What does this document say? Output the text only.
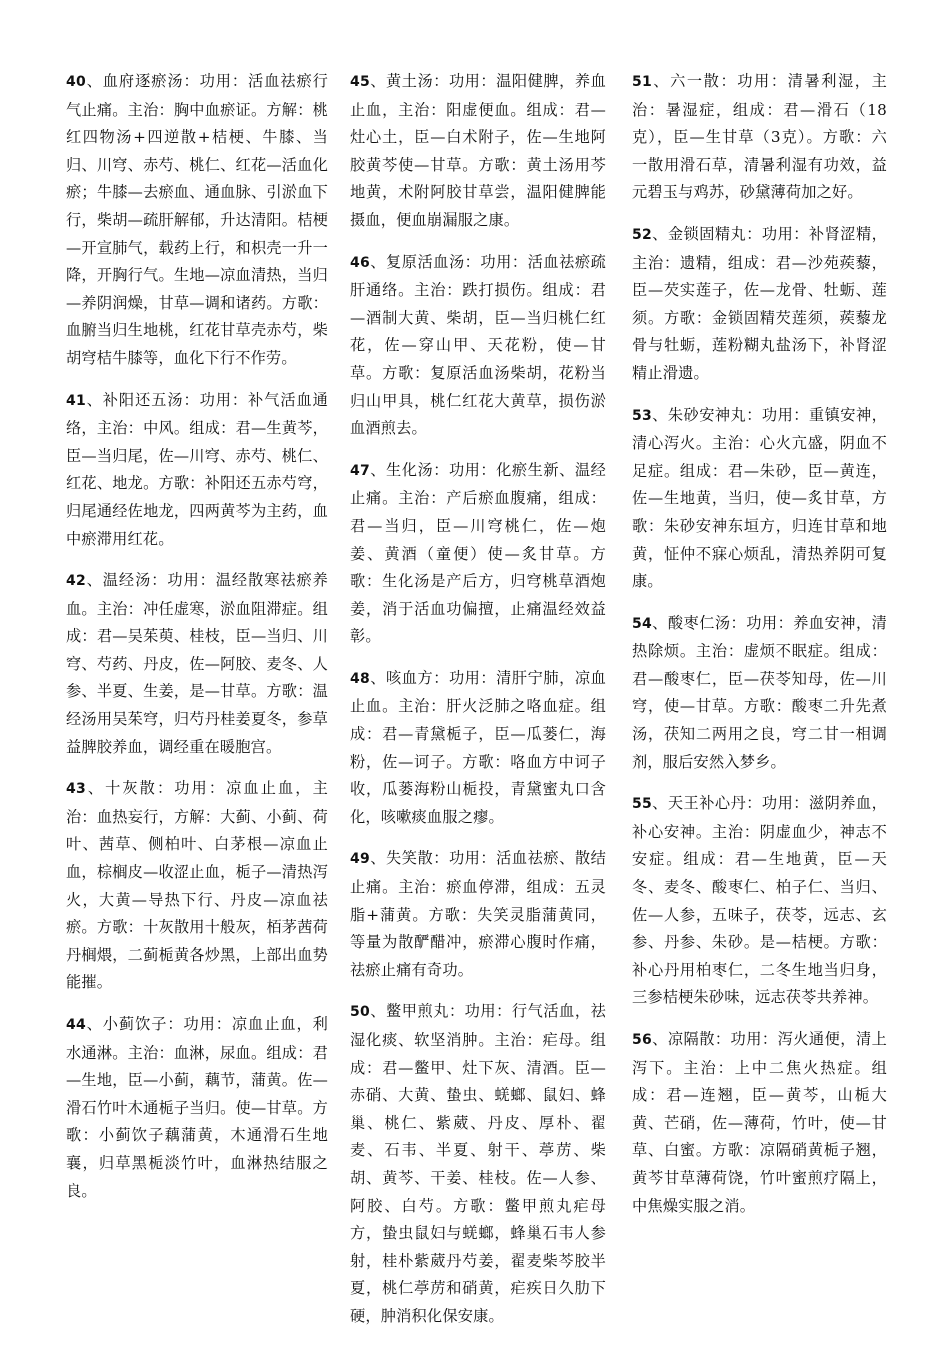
40、血府逐瘀汤：功用：活血祛瘀行气止痛。主治：胸中血瘀证。方解：桃红四物汤+四逆散+桔梗、牛膝、当归、川穹、赤芍、桃仁、红花—活血化瘀；牛膝—去瘀血、通血脉、引淤血下行，柴胡—疏肝解郁，升达清阳。桔梗—开宣肺气，载药上行，和枳壳一升一降，开胸行气。生地—凉血清热，当归—养阴润燥，甘草—调和诸药。方歌：血腑当归生地桃，红花甘草壳赤芍，柴胡穹桔牛膝等，血化下行不作劳。

41、补阳还五汤：功用：补气活血通络，主治：中风。组成：君—生黄芩，臣—当归尾，佐—川穹、赤芍、桃仁、红花、地龙。方歌：补阳还五赤芍穹，归尾通经佐地龙，四两黄芩为主药，血中瘀滞用红花。

42、温经汤：功用：温经散寒祛瘀养血。主治：冲任虚寒，淤血阻滞症。组成：君—吴茱萸、桂枝，臣—当归、川穹、芍药、丹皮，佐—阿胶、麦冬、人参、半夏、生姜，是—甘草。方歌：温经汤用吴茱穹，归芍丹桂姜夏冬，参草益脾胶养血，调经重在暖胞宫。

43、十灰散：功用：凉血止血，主治：血热妄行，方解：大蓟、小蓟、荷叶、茜草、侧柏叶、白茅根—凉血止血，棕榈皮—收涩止血，栀子—清热泻火，大黄—导热下行、丹皮—凉血祛瘀。方歌：十灰散用十般灰，栢茅茜荷丹榈煨，二蓟栀黄各炒黑，上部出血势能摧。

44、小蓟饮子：功用：凉血止血，利水通淋。主治：血淋，尿血。组成：君—生地，臣—小蓟，藕节，蒲黄。佐—滑石竹叶木通栀子当归。使—甘草。方歌：小蓟饮子藕蒲黄，木通滑石生地襄，归草黑栀淡竹叶，血淋热结服之良。

45、黄土汤：功用：温阳健脾，养血止血，主治：阳虚便血。组成：君—灶心土，臣—白术附子，佐—生地阿胶黄芩使—甘草。方歌：黄土汤用芩地黄，术附阿胶甘草尝，温阳健脾能摄血，便血崩漏服之康。

46、复原活血汤：功用：活血祛瘀疏肝通络。主治：跌打损伤。组成：君—酒制大黄、柴胡，臣—当归桃仁红花，佐—穿山甲、天花粉，使—甘草。方歌：复原活血汤柴胡，花粉当归山甲具，桃仁红花大黄草，损伤淤血酒煎去。

47、生化汤：功用：化瘀生新、温经止痛。主治：产后瘀血腹痛，组成：君—当归，臣—川穹桃仁，佐—炮姜、黄酒（童便）使—炙甘草。方歌：生化汤是产后方，归穹桃草酒炮姜，消于活血功偏擅，止痛温经效益彰。

48、咳血方：功用：清肝宁肺，凉血止血。主治：肝火泛肺之咯血症。组成：君—青黛栀子，臣—瓜蒌仁，海粉，佐—诃子。方歌：咯血方中诃子收，瓜蒌海粉山栀投，青黛蜜丸口含化，咳嗽痰血服之瘳。

49、失笑散：功用：活血祛瘀、散结止痛。主治：瘀血停滞，组成：五灵脂+蒲黄。方歌：失笑灵脂蒲黄同，等量为散酽醋冲，瘀滞心腹时作痛，祛瘀止痛有奇功。

50、鳖甲煎丸：功用：行气活血，祛湿化痰、软坚消肿。主治：疟母。组成：君—鳖甲、灶下灰、清酒。臣—赤硝、大黄、蛰虫、蜣螂、鼠妇、蜂巢、桃仁、紫葳、丹皮、厚朴、翟麦、石韦、半夏、射干、葶苈、柴胡、黄芩、干姜、桂枝。佐—人参、阿胶、白芍。方歌：鳖甲煎丸疟母方，蛰虫鼠妇与蜣螂，蜂巢石韦人参射，桂朴紫葳丹芍姜，翟麦柴芩胶半夏，桃仁葶苈和硝黄，疟疾日久肋下硬，肿消积化保安康。

51、六一散：功用：清暑利湿，主治：暑湿症，组成：君—滑石（18克），臣—生甘草（3克）。方歌：六一散用滑石草，清暑利湿有功效，益元碧玉与鸡苏，砂黛薄荷加之好。

52、金锁固精丸：功用：补肾涩精，主治：遗精，组成：君—沙苑蒺藜，臣—芡实莲子，佐—龙骨、牡蛎、莲须。方歌：金锁固精芡莲须，蒺藜龙骨与牡蛎，莲粉糊丸盐汤下，补肾涩精止滑遗。

53、朱砂安神丸：功用：重镇安神，清心泻火。主治：心火亢盛，阴血不足症。组成：君—朱砂，臣—黄连，佐—生地黄，当归，使—炙甘草，方歌：朱砂安神东垣方，归连甘草和地黄，怔仲不寐心烦乱，清热养阴可复康。

54、酸枣仁汤：功用：养血安神，清热除烦。主治：虚烦不眠症。组成：君—酸枣仁，臣—茯苓知母，佐—川穹，使—甘草。方歌：酸枣二升先煮汤，茯知二两用之良，穹二甘一相调剂，服后安然入梦乡。

55、天王补心丹：功用：滋阴养血，补心安神。主治：阴虚血少，神志不安症。组成：君—生地黄，臣—天冬、麦冬、酸枣仁、柏子仁、当归、佐—人参，五味子，茯苓，远志、玄参、丹参、朱砂。是—桔梗。方歌：补心丹用柏枣仁，二冬生地当归身，三参桔梗朱砂味，远志茯苓共养神。

56、凉隔散：功用：泻火通便，清上泻下。主治：上中二焦火热症。组成：君—连翘，臣—黄芩，山栀大黄、芒硝，佐—薄荷，竹叶，使—甘草、白蜜。方歌：凉隔硝黄栀子翘，黄芩甘草薄荷饶，竹叶蜜煎疗隔上，中焦燥实服之消。
